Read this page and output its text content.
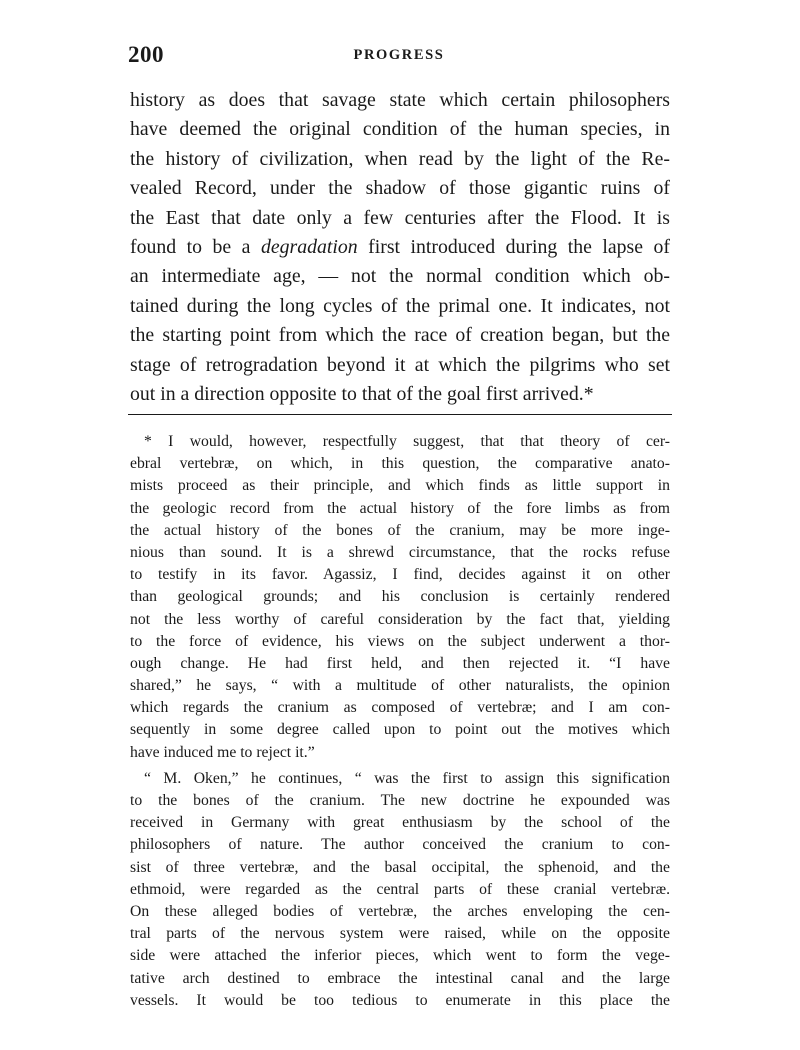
200	PROGRESS
history as does that savage state which certain philosophers
have deemed the original condition of the human species, in
the history of civilization, when read by the light of the Re-
vealed Record, under the shadow of those gigantic ruins of
the East that date only a few centuries after the Flood. It is
found to be a degradation first introduced during the lapse of
an intermediate age, — not the normal condition which ob-
tained during the long cycles of the primal one. It indicates, not
the starting point from which the race of creation began, but the
stage of retrogradation beyond it at which the pilgrims who set
out in a direction opposite to that of the goal first arrived.*
* I would, however, respectfully suggest, that that theory of cer-
ebral vertebræ, on which, in this question, the comparative anato-
mists proceed as their principle, and which finds as little support in
the geologic record from the actual history of the fore limbs as from
the actual history of the bones of the cranium, may be more inge-
nious than sound. It is a shrewd circumstance, that the rocks refuse
to testify in its favor. Agassiz, I find, decides against it on other
than geological grounds; and his conclusion is certainly rendered
not the less worthy of careful consideration by the fact that, yielding
to the force of evidence, his views on the subject underwent a thor-
ough change. He had first held, and then rejected it. “I have
shared,” he says, “ with a multitude of other naturalists, the opinion
which regards the cranium as composed of vertebræ; and I am con-
sequently in some degree called upon to point out the motives which
have induced me to reject it.”
“ M. Oken,” he continues, “ was the first to assign this signification
to the bones of the cranium. The new doctrine he expounded was
received in Germany with great enthusiasm by the school of the
philosophers of nature. The author conceived the cranium to con-
sist of three vertebræ, and the basal occipital, the sphenoid, and the
ethmoid, were regarded as the central parts of these cranial vertebræ.
On these alleged bodies of vertebræ, the arches enveloping the cen-
tral parts of the nervous system were raised, while on the opposite
side were attached the inferior pieces, which went to form the vege-
tative arch destined to embrace the intestinal canal and the large
vessels. It would be too tedious to enumerate in this place the
